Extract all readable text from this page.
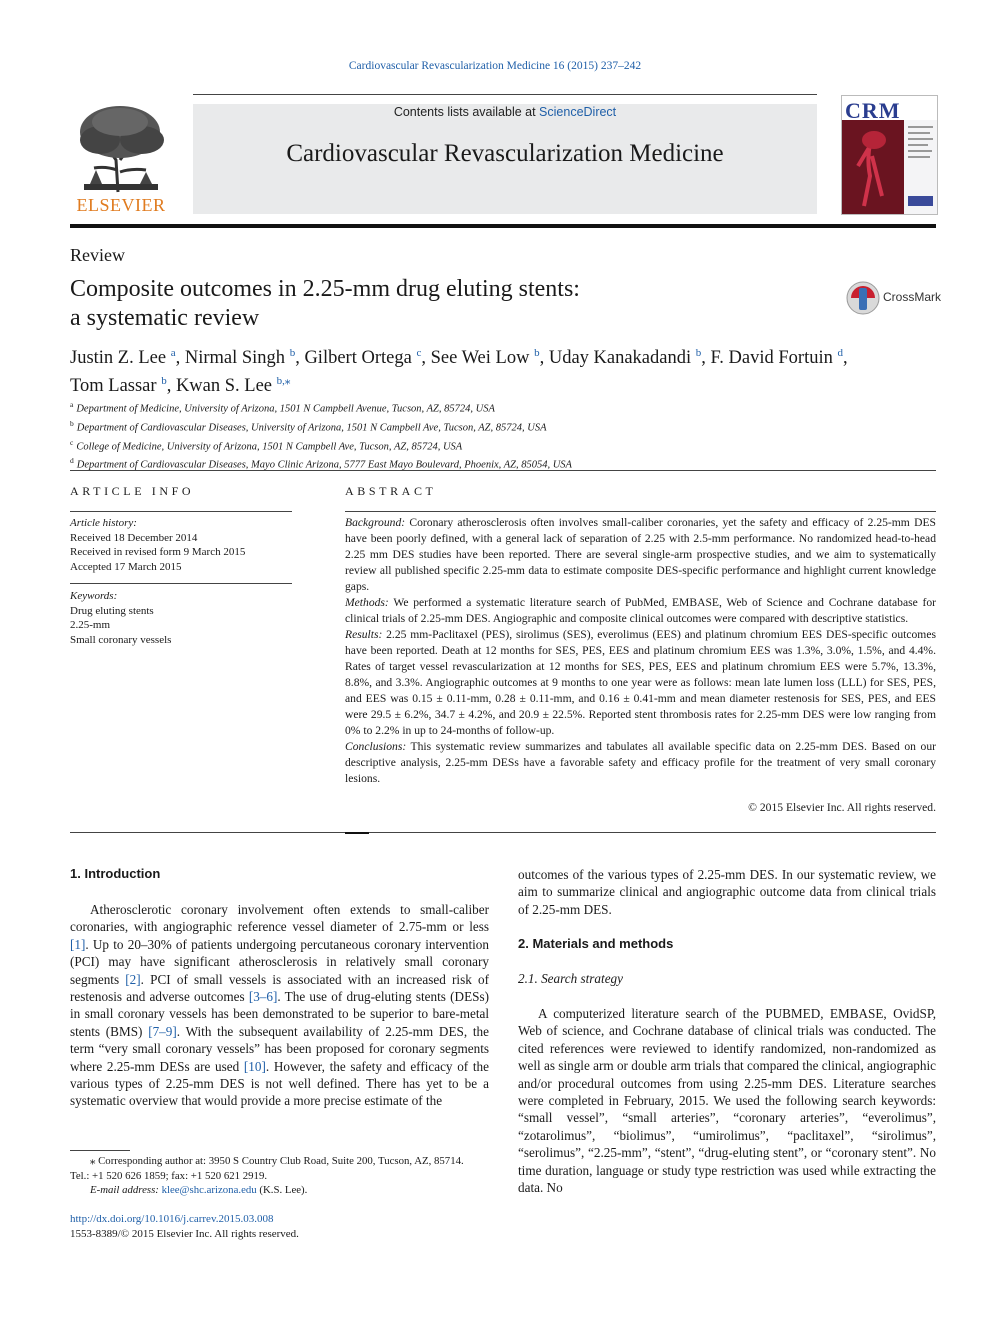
Cardiovascular Revascularization Medicine 16 (2015) 237–242
ELSEVIER
Contents lists available at ScienceDirect
Cardiovascular Revascularization Medicine
CRM
Review
Composite outcomes in 2.25-mm drug eluting stents:
a systematic review
CrossMark
Justin Z. Lee $^a$, Nirmal Singh $^b$, Gilbert Ortega $^c$, See Wei Low $^b$, Uday Kanakadandi $^b$, F. David Fortuin $^d$,
Tom Lassar $^b$, Kwan S. Lee $^{b,⁎}$
$^a$ Department of Medicine, University of Arizona, 1501 N Campbell Avenue, Tucson, AZ, 85724, USA
$^b$ Department of Cardiovascular Diseases, University of Arizona, 1501 N Campbell Ave, Tucson, AZ, 85724, USA
$^c$ College of Medicine, University of Arizona, 1501 N Campbell Ave, Tucson, AZ, 85724, USA
$^d$ Department of Cardiovascular Diseases, Mayo Clinic Arizona, 5777 East Mayo Boulevard, Phoenix, AZ, 85054, USA
ARTICLE INFO
Article history:
Received 18 December 2014
Received in revised form 9 March 2015
Accepted 17 March 2015
Keywords:
Drug eluting stents
2.25-mm
Small coronary vessels
ABSTRACT

Background: Coronary atherosclerosis often involves small-caliber coronaries, yet the safety and efficacy of 2.25-mm DES have been poorly defined, with a general lack of separation of 2.25 with 2.5-mm performance. No randomized head-to-head 2.25 mm DES studies have been reported. There are several single-arm prospective studies, and we aim to systematically review all published specific 2.25-mm data to estimate composite DES-specific performance and highlight current knowledge gaps.

Methods: We performed a systematic literature search of PubMed, EMBASE, Web of Science and Cochrane database for clinical trials of 2.25-mm DES. Angiographic and composite clinical outcomes were compared with descriptive statistics.

Results: 2.25 mm-Paclitaxel (PES), sirolimus (SES), everolimus (EES) and platinum chromium EES DES-specific outcomes have been reported. Death at 12 months for SES, PES, EES and platinum chromium EES was 1.3%, 3.0%, 1.5%, and 4.4%. Rates of target vessel revascularization at 12 months for SES, PES, EES and platinum chromium EES were 5.7%, 13.3%, 8.8%, and 3.3%. Angiographic outcomes at 9 months to one year were as follows: mean late lumen loss (LLL) for SES, PES, and EES was 0.15 ± 0.11-mm, 0.28 ± 0.11-mm, and 0.16 ± 0.41-mm and mean diameter restenosis for SES, PES, and EES were 29.5 ± 6.2%, 34.7 ± 4.2%, and 20.9 ± 22.5%. Reported stent thrombosis rates for 2.25-mm DES were low ranging from 0% to 2.2% in up to 24-months of follow-up.

Conclusions: This systematic review summarizes and tabulates all available specific data on 2.25-mm DES. Based on our descriptive analysis, 2.25-mm DESs have a favorable safety and efficacy profile for the treatment of very small coronary lesions.

© 2015 Elsevier Inc. All rights reserved.
1. Introduction

Atherosclerotic coronary involvement often extends to small-caliber coronaries, with angiographic reference vessel diameter of 2.75-mm or less [1]. Up to 20–30% of patients undergoing percutaneous coronary intervention (PCI) may have significant atherosclerosis in relatively small coronary segments [2]. PCI of small vessels is associated with an increased risk of restenosis and adverse outcomes [3–6]. The use of drug-eluting stents (DESs) in small coronary vessels has been demonstrated to be superior to bare-metal stents (BMS) [7–9]. With the subsequent availability of 2.25-mm DES, the term “very small coronary vessels” has been proposed for coronary segments where 2.25-mm DESs are used [10]. However, the safety and efficacy of the various types of 2.25-mm DES is not well defined. There has yet to be a systematic overview that would provide a more precise estimate of the

outcomes of the various types of 2.25-mm DES. In our systematic review, we aim to summarize clinical and angiographic outcome data from clinical trials of 2.25-mm DES.

2. Materials and methods
2.1. Search strategy

A computerized literature search of the PUBMED, EMBASE, OvidSP, Web of science, and Cochrane database of clinical trials was conducted. The cited references were reviewed to identify randomized, non-randomized as well as single arm or double arm trials that compared the clinical, angiographic and/or procedural outcomes from using 2.25-mm DES. Literature searches were completed in February, 2015. We used the following search keywords: “small vessel”, “small arteries”, “coronary arteries”, “everolimus”, “zotarolimus”, “biolimus”, “umirolimus”, “paclitaxel”, “sirolimus”, “serolimus”, “2.25-mm”, “stent”, “drug-eluting stent”, or “coronary stent”. No time duration, language or study type restriction was used while extracting the data. No

⁎ Corresponding author at: 3950 S Country Club Road, Suite 200, Tucson, AZ, 85714.
Tel.: +1 520 626 1859; fax: +1 520 621 2919.
E-mail address: klee@shc.arizona.edu (K.S. Lee).
http://dx.doi.org/10.1016/j.carrev.2015.03.008
1553-8389/© 2015 Elsevier Inc. All rights reserved.
